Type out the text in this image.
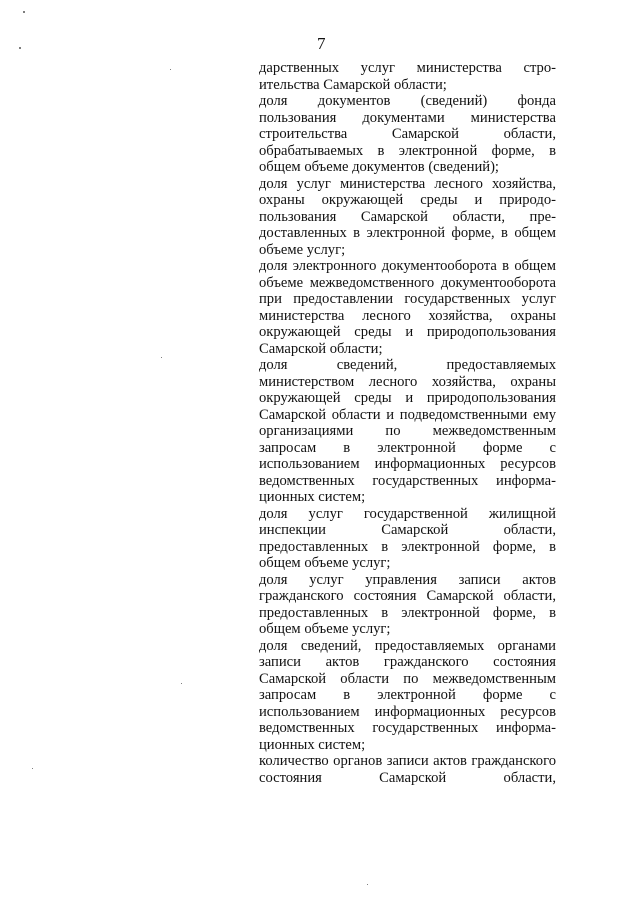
7

дарственных услуг министерства строительства Самарской области;

доля документов (сведений) фонда пользования документами министерства строительства Самарской области, обрабатываемых в электронной форме, в общем объеме документов (сведений);

доля услуг министерства лесного хозяйства, охраны окружающей среды и природопользования Самарской области, предоставленных в электронной форме, в общем объеме услуг;

доля электронного документооборота в общем объеме межведомственного документооборота при предоставлении государственных услуг министерства лесного хозяйства, охраны окружающей среды и природопользования Самарской области;

доля сведений, предоставляемых министерством лесного хозяйства, охраны окружающей среды и природопользования Самарской области и подведомственными ему организациями по межведомственным запросам в электронной форме с использованием информационных ресурсов ведомственных государственных информационных систем;

доля услуг государственной жилищной инспекции Самарской области, предоставленных в электронной форме, в общем объеме услуг;

доля услуг управления записи актов гражданского состояния Самарской области, предоставленных в электронной форме, в общем объеме услуг;

доля сведений, предоставляемых органами записи актов гражданского состояния Самарской области по межведомственным запросам в электронной форме с использованием информационных ресурсов ведомственных государственных информационных систем;

количество органов записи актов гражданского состояния Самарской области,
